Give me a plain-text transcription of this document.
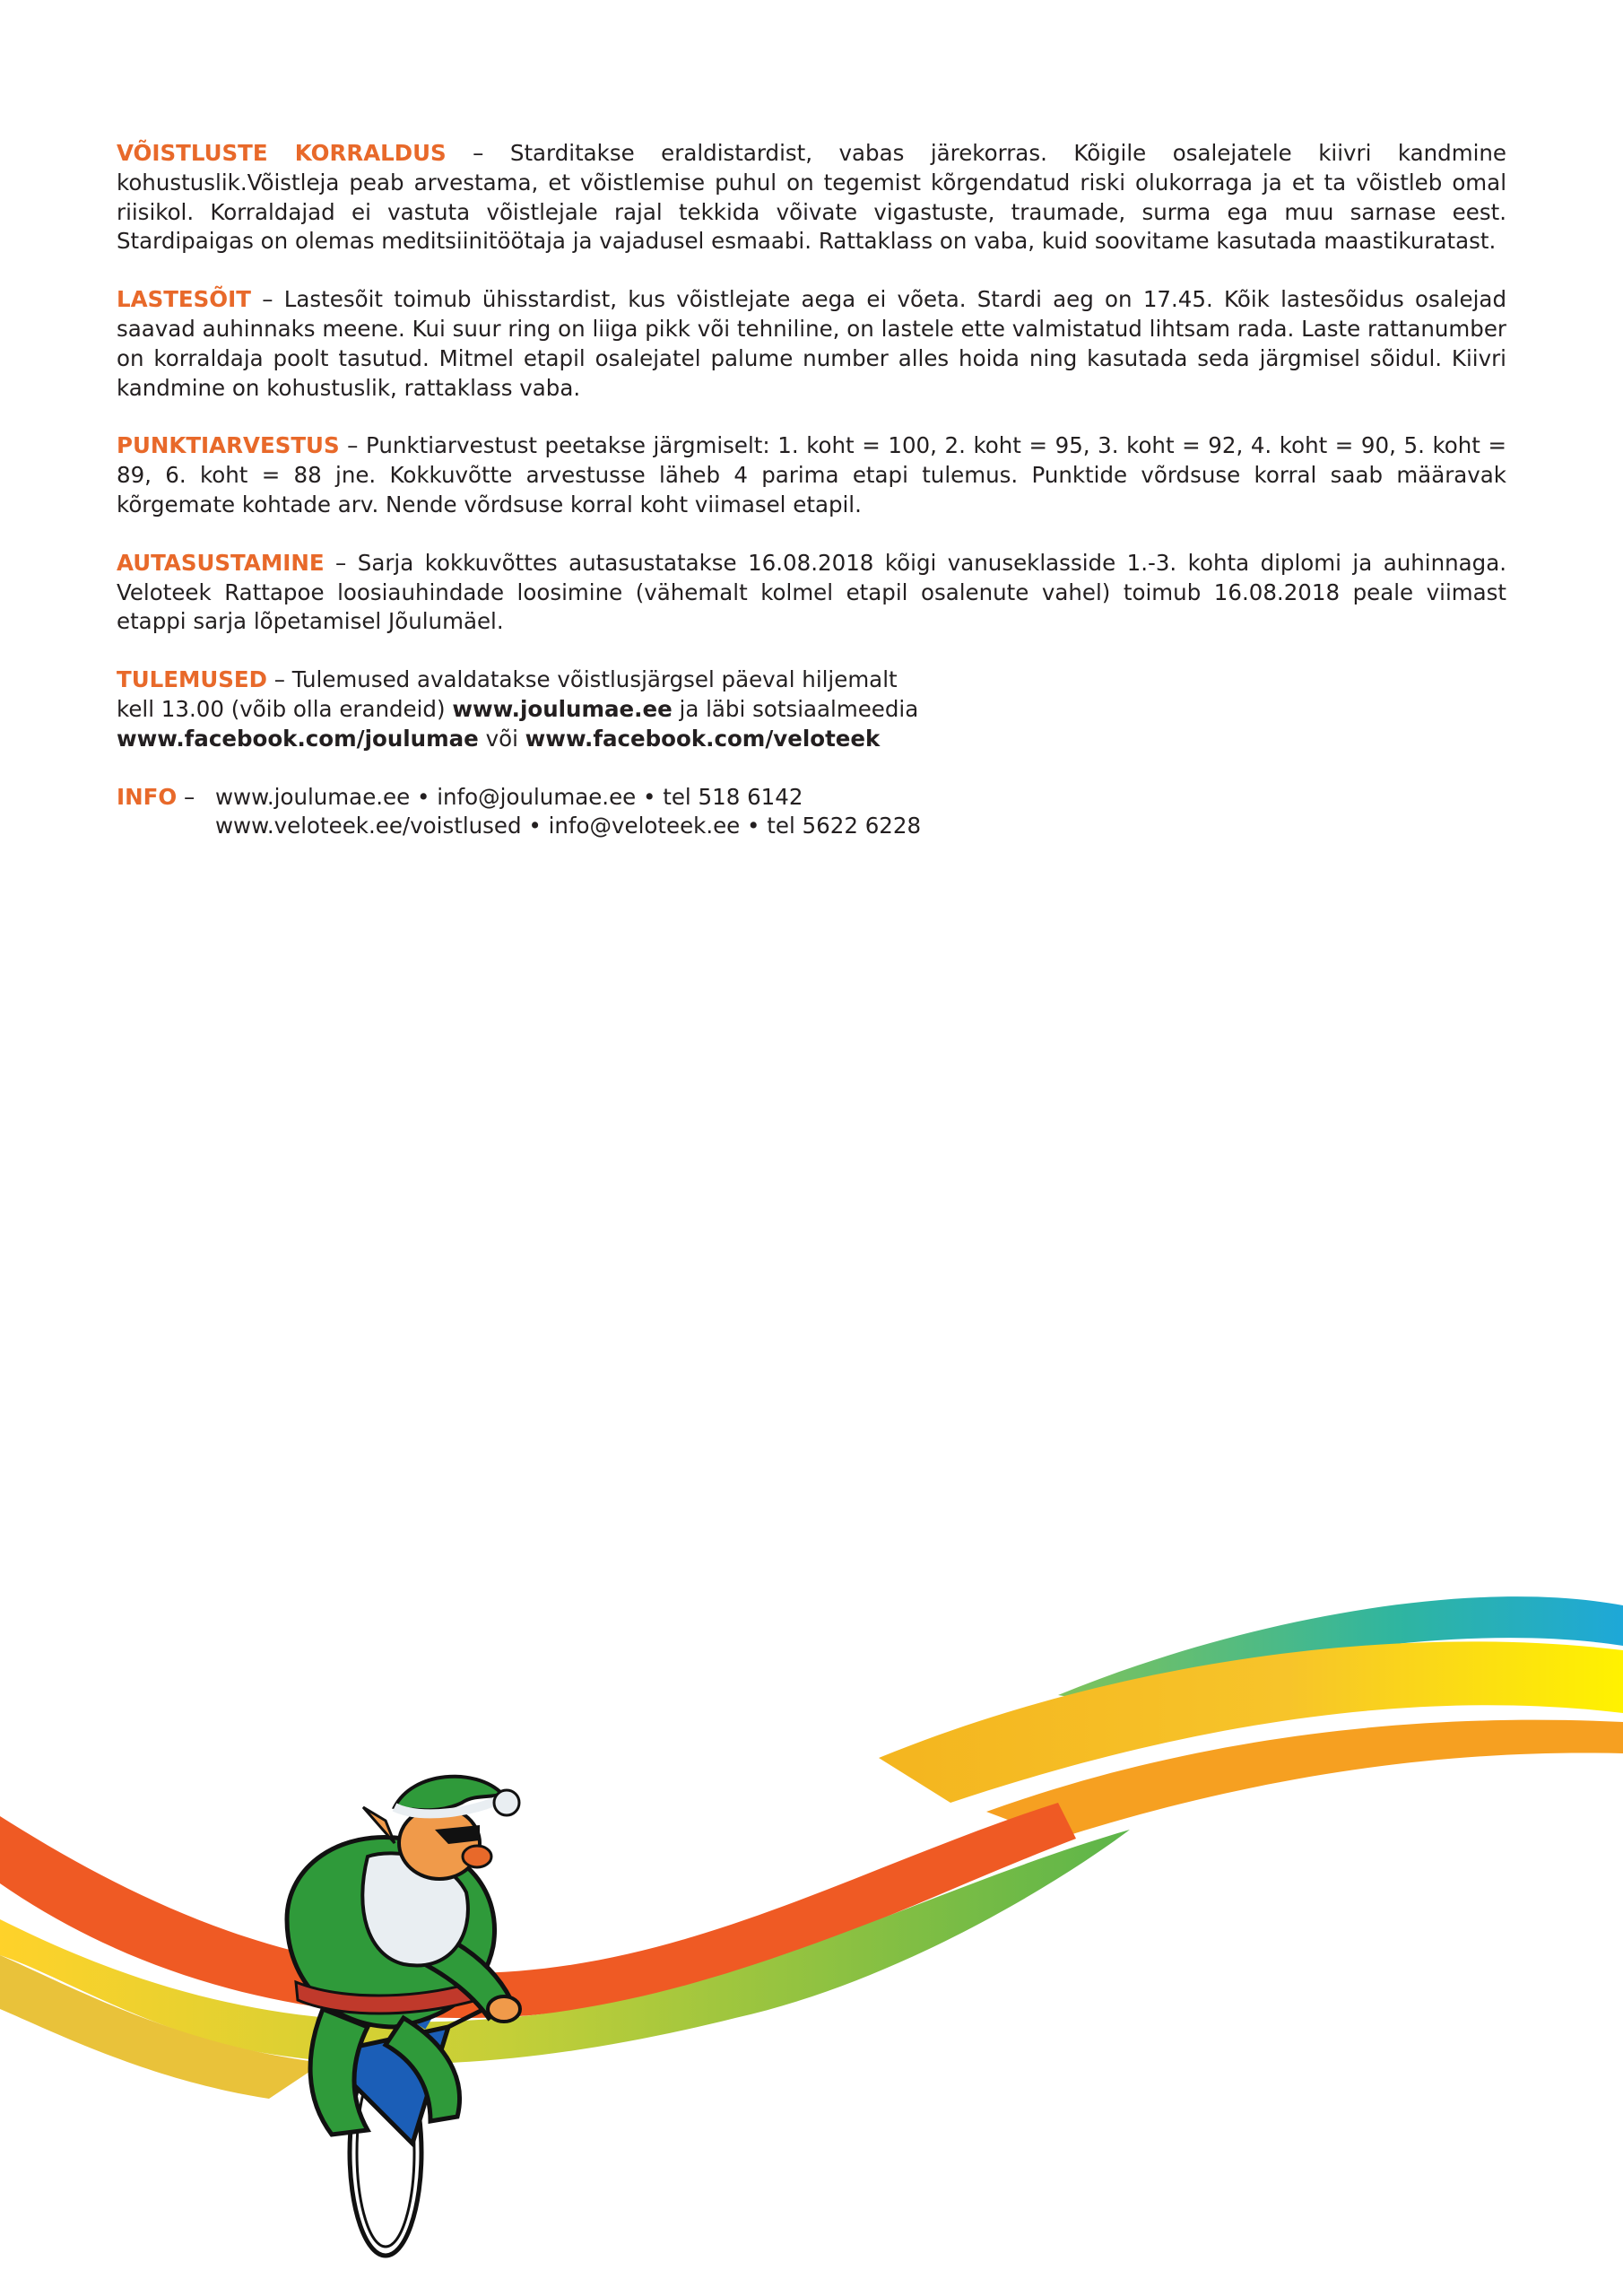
VÕISTLUSTE KORRALDUS – Starditakse eraldistardist, vabas järekorras. Kõigile osalejatele kiivri kandmine kohustuslik.Võistleja peab arvestama, et võistlemise puhul on tegemist kõrgendatud riski olukorraga ja et ta võistleb omal riisikol. Korraldajad ei vastuta võistlejale rajal tekkida võivate vigastuste, traumade, surma ega muu sarnase eest. Stardipaigas on olemas meditsiinitöötaja ja vajadusel esmaabi. Rattaklass on vaba, kuid soovitame kasutada maastikuratast.

LASTESÕIT – Lastesõit toimub ühisstardist, kus võistlejate aega ei võeta. Stardi aeg on 17.45. Kõik lastesõidus osalejad saavad auhinnaks meene. Kui suur ring on liiga pikk või tehniline, on lastele ette valmistatud lihtsam rada. Laste rattanumber on korraldaja poolt tasutud. Mitmel etapil osalejatel palume number alles hoida ning kasutada seda järgmisel sõidul. Kiivri kandmine on kohustuslik, rattaklass vaba.

PUNKTIARVESTUS – Punktiarvestust peetakse järgmiselt: 1. koht = 100, 2. koht = 95, 3. koht = 92, 4. koht = 90, 5. koht = 89, 6. koht = 88 jne. Kokkuvõtte arvestusse läheb 4 parima etapi tulemus. Punktide võrdsuse korral saab määravak kõrgemate kohtade arv. Nende võrdsuse korral koht viimasel etapil.

AUTASUSTAMINE – Sarja kokkuvõttes autasustatakse 16.08.2018 kõigi vanuseklasside 1.-3. kohta diplomi ja auhinnaga. Veloteek Rattapoe loosiauhindade loosimine (vähemalt kolmel etapil osalenute vahel) toimub 16.08.2018 peale viimast etappi sarja lõpetamisel Jõulumäel.

TULEMUSED – Tulemused avaldatakse võistlusjärgsel päeval hiljemalt
kell 13.00 (võib olla erandeid) www.joulumae.ee ja läbi sotsiaalmeedia
www.facebook.com/joulumae või www.facebook.com/veloteek

INFO – www.joulumae.ee • info@joulumae.ee • tel 518 6142
www.veloteek.ee/voistlused • info@veloteek.ee • tel 5622 6228
